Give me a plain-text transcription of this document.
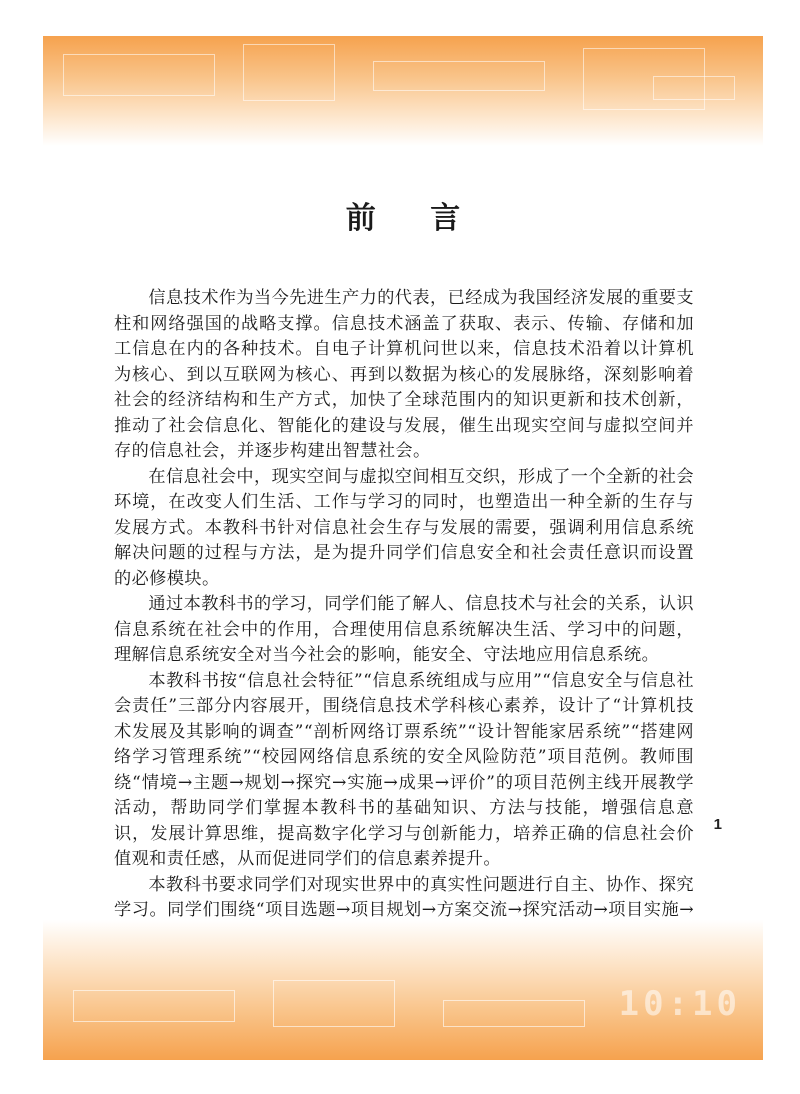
前 言

信息技术作为当今先进生产力的代表，已经成为我国经济发展的重要支柱和网络强国的战略支撑。信息技术涵盖了获取、表示、传输、存储和加工信息在内的各种技术。自电子计算机问世以来，信息技术沿着以计算机为核心、到以互联网为核心、再到以数据为核心的发展脉络，深刻影响着社会的经济结构和生产方式，加快了全球范围内的知识更新和技术创新，推动了社会信息化、智能化的建设与发展，催生出现实空间与虚拟空间并存的信息社会，并逐步构建出智慧社会。

在信息社会中，现实空间与虚拟空间相互交织，形成了一个全新的社会环境，在改变人们生活、工作与学习的同时，也塑造出一种全新的生存与发展方式。本教科书针对信息社会生存与发展的需要，强调利用信息系统解决问题的过程与方法，是为提升同学们信息安全和社会责任意识而设置的必修模块。

通过本教科书的学习，同学们能了解人、信息技术与社会的关系，认识信息系统在社会中的作用，合理使用信息系统解决生活、学习中的问题，理解信息系统安全对当今社会的影响，能安全、守法地应用信息系统。

本教科书按“信息社会特征”“信息系统组成与应用”“信息安全与信息社会责任”三部分内容展开，围绕信息技术学科核心素养，设计了“计算机技术发展及其影响的调查”“剖析网络订票系统”“设计智能家居系统”“搭建网络学习管理系统”“校园网络信息系统的安全风险防范”项目范例。教师围绕“情境→主题→规划→探究→实施→成果→评价”的项目范例主线开展教学活动，帮助同学们掌握本教科书的基础知识、方法与技能，增强信息意识，发展计算思维，提高数字化学习与创新能力，培养正确的信息社会价值观和责任感，从而促进同学们的信息素养提升。

本教科书要求同学们对现实世界中的真实性问题进行自主、协作、探究学习。同学们围绕“项目选题→项目规划→方案交流→探究活动→项目实施→

1
10:10
